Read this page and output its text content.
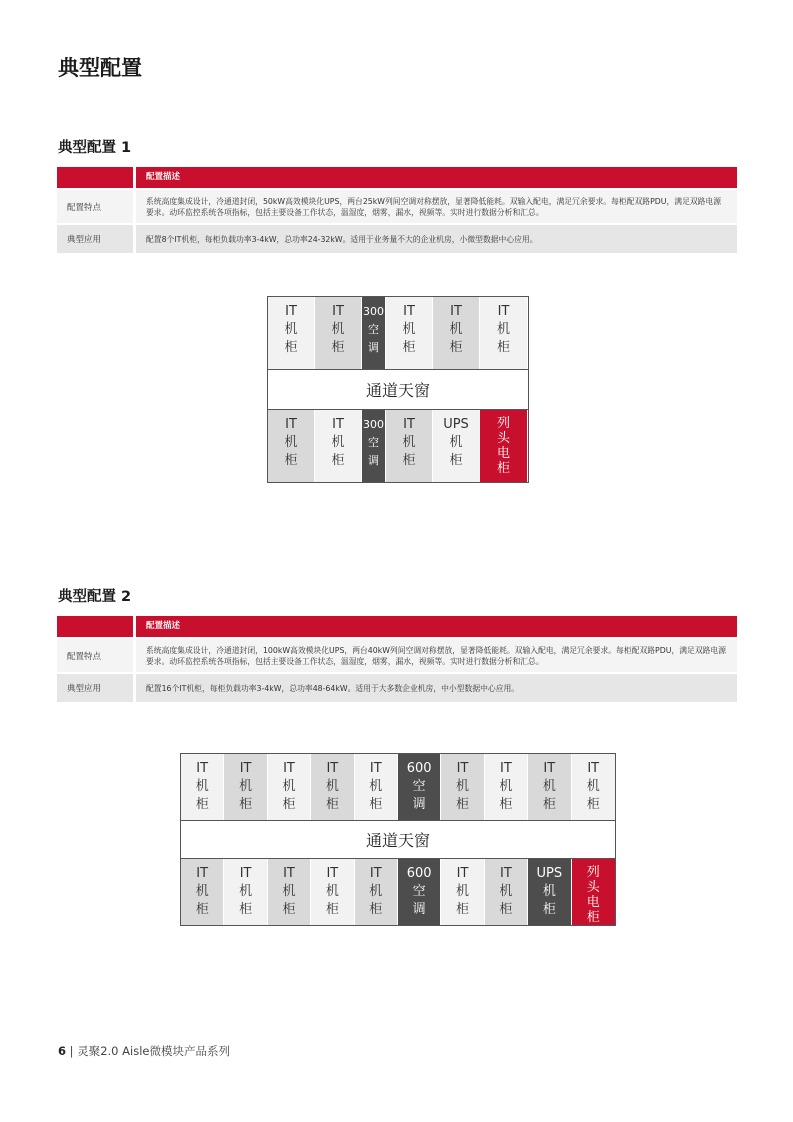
典型配置
典型配置 1
配置描述
配置特点
系统高度集成设计，冷通道封闭，50kW高效模块化UPS，两台25kW列间空调对称摆放，显著降低能耗。双输入配电，满足冗余要求。每柜配双路PDU，满足双路电源要求。动环监控系统各项指标，包括主要设备工作状态，温湿度，烟雾，漏水，视频等。实时进行数据分析和汇总。
典型应用	配置8个IT机柜，每柜负载功率3-4kW，总功率24-32kW。适用于业务量不大的企业机房，小微型数据中心应用。
IT
机
柜
IT
机
柜
300
空
调
IT
机
柜
IT
机
柜
IT
机
柜
通道天窗
IT
机
柜
IT
机
柜
300
空
调
IT
机
柜
UPS
机
柜
列
头
电
柜
典型配置 2
配置描述
配置特点
系统高度集成设计，冷通道封闭，100kW高效模块化UPS，两台40kW列间空调对称摆放，显著降低能耗。双输入配电，满足冗余要求。每柜配双路PDU，满足双路电源要求。动环监控系统各项指标，包括主要设备工作状态，温湿度，烟雾，漏水，视频等。实时进行数据分析和汇总。
典型应用	配置16个IT机柜，每柜负载功率3-4kW，总功率48-64kW。适用于大多数企业机房，中小型数据中心应用。
IT
机
柜
IT
机
柜
IT
机
柜
IT
机
柜
IT
机
柜
600
空
调
IT
机
柜
IT
机
柜
IT
机
柜
IT
机
柜
通道天窗
IT
机
柜
IT
机
柜
IT
机
柜
IT
机
柜
IT
机
柜
600
空
调
IT
机
柜
IT
机
柜
UPS
机
柜
列
头
电
柜
6 | 灵聚2.0 Aisle微模块产品系列
